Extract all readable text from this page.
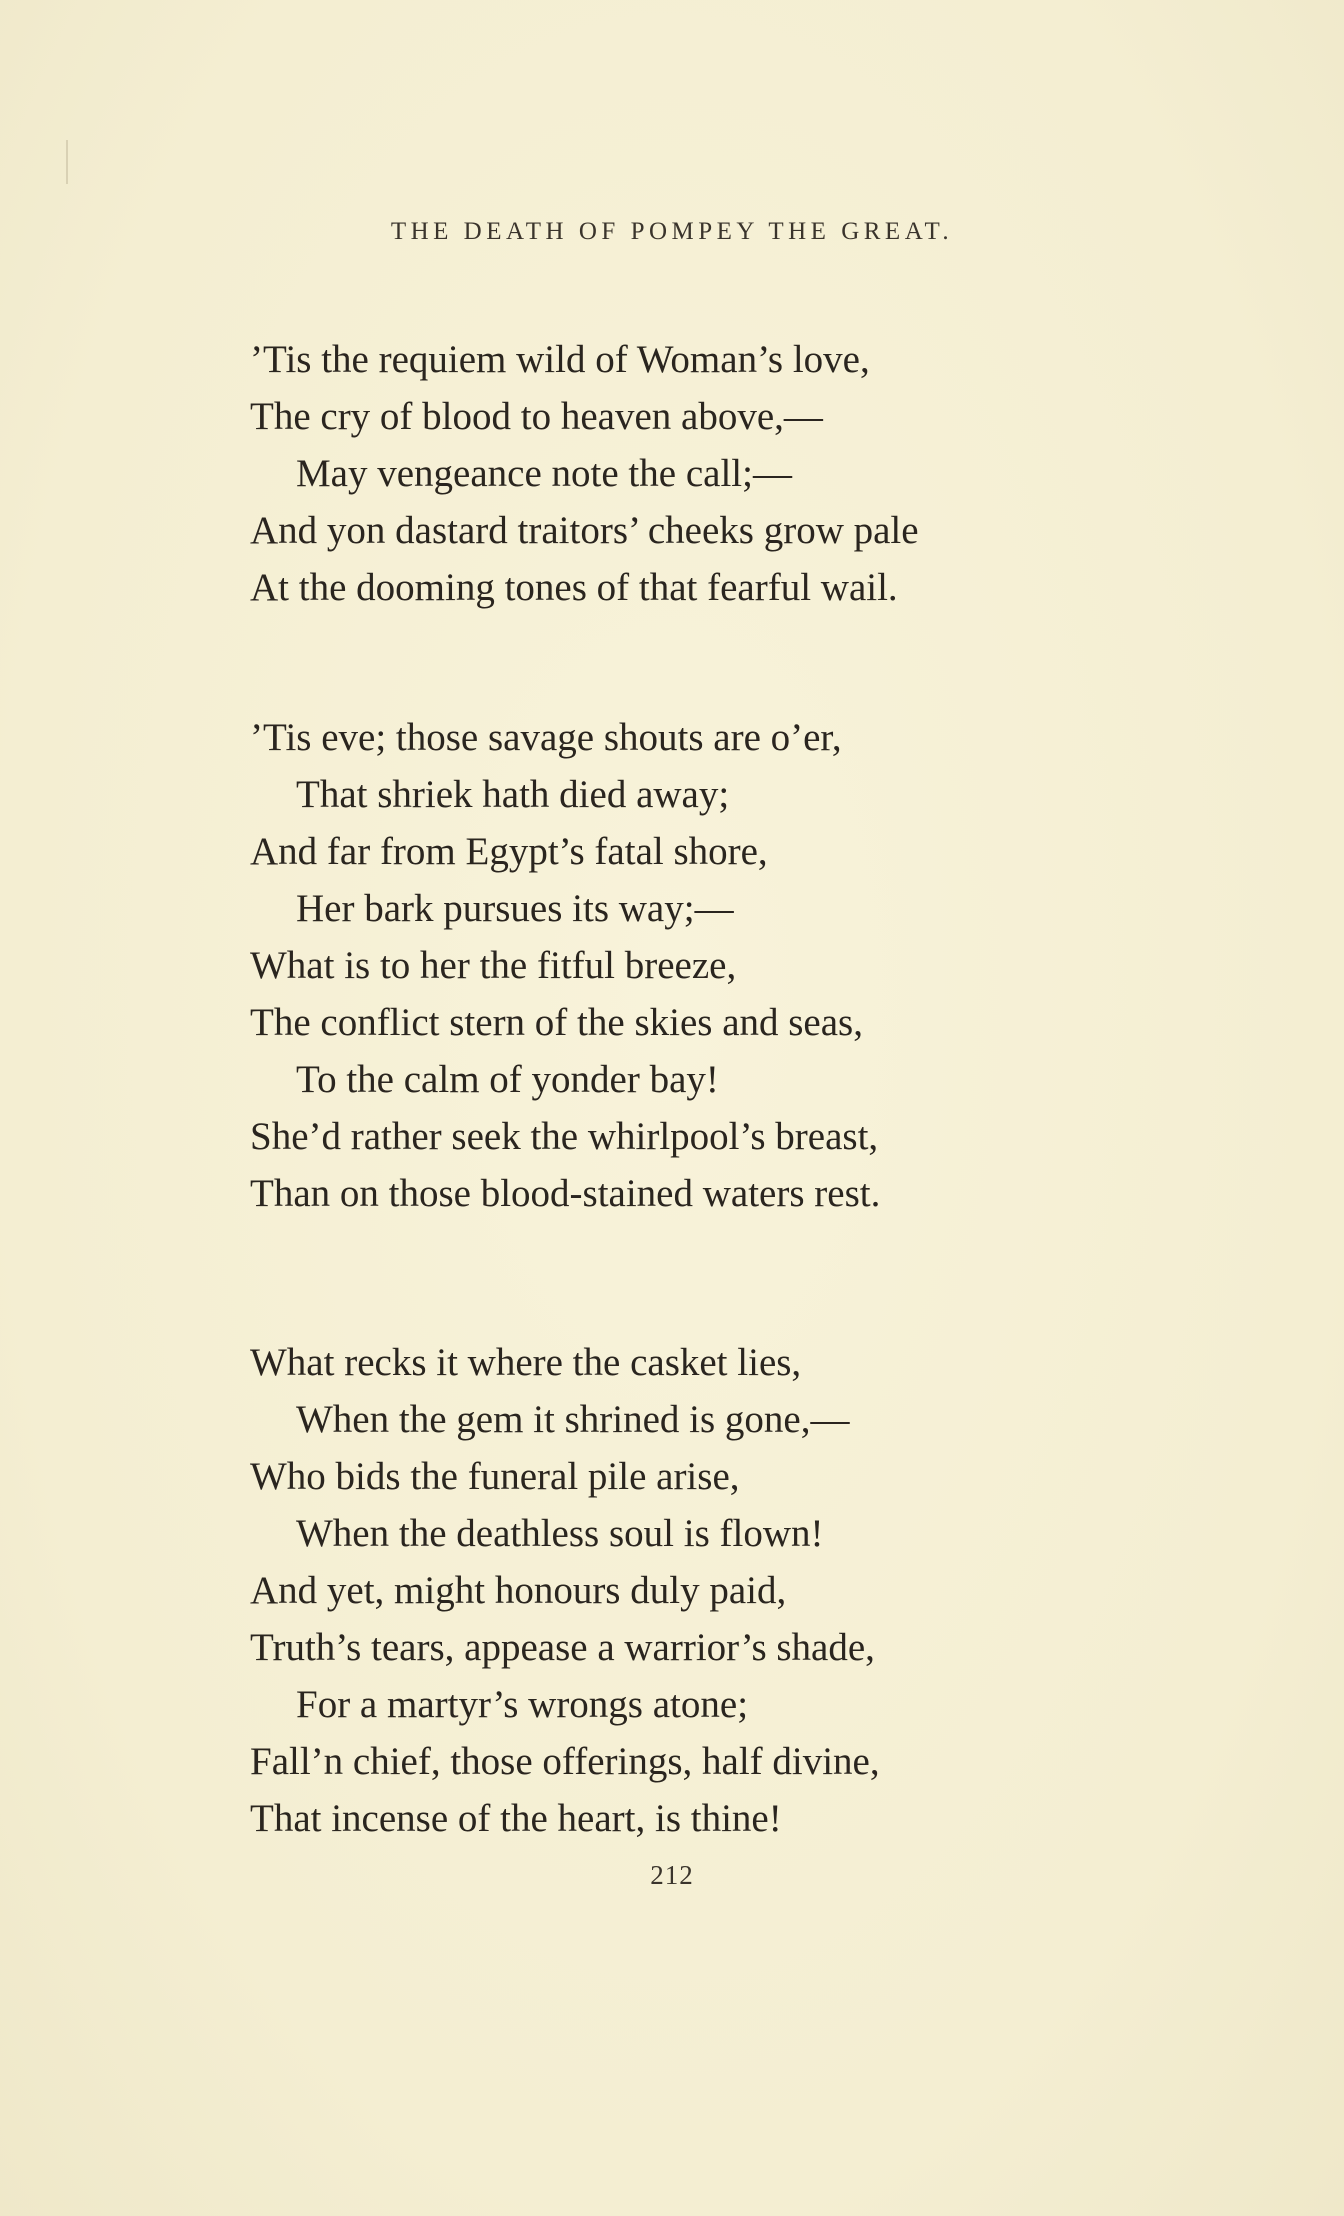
THE DEATH OF POMPEY THE GREAT.
’Tis the requiem wild of Woman’s love,
The cry of blood to heaven above,—
May vengeance note the call;—
And yon dastard traitors’ cheeks grow pale
At the dooming tones of that fearful wail.
’Tis eve; those savage shouts are o’er,
That shriek hath died away;
And far from Egypt’s fatal shore,
Her bark pursues its way;—
What is to her the fitful breeze,
The conflict stern of the skies and seas,
To the calm of yonder bay!
She’d rather seek the whirlpool’s breast,
Than on those blood-stained waters rest.
What recks it where the casket lies,
When the gem it shrined is gone,—
Who bids the funeral pile arise,
When the deathless soul is flown!
And yet, might honours duly paid,
Truth’s tears, appease a warrior’s shade,
For a martyr’s wrongs atone;
Fall’n chief, those offerings, half divine,
That incense of the heart, is thine!
212
